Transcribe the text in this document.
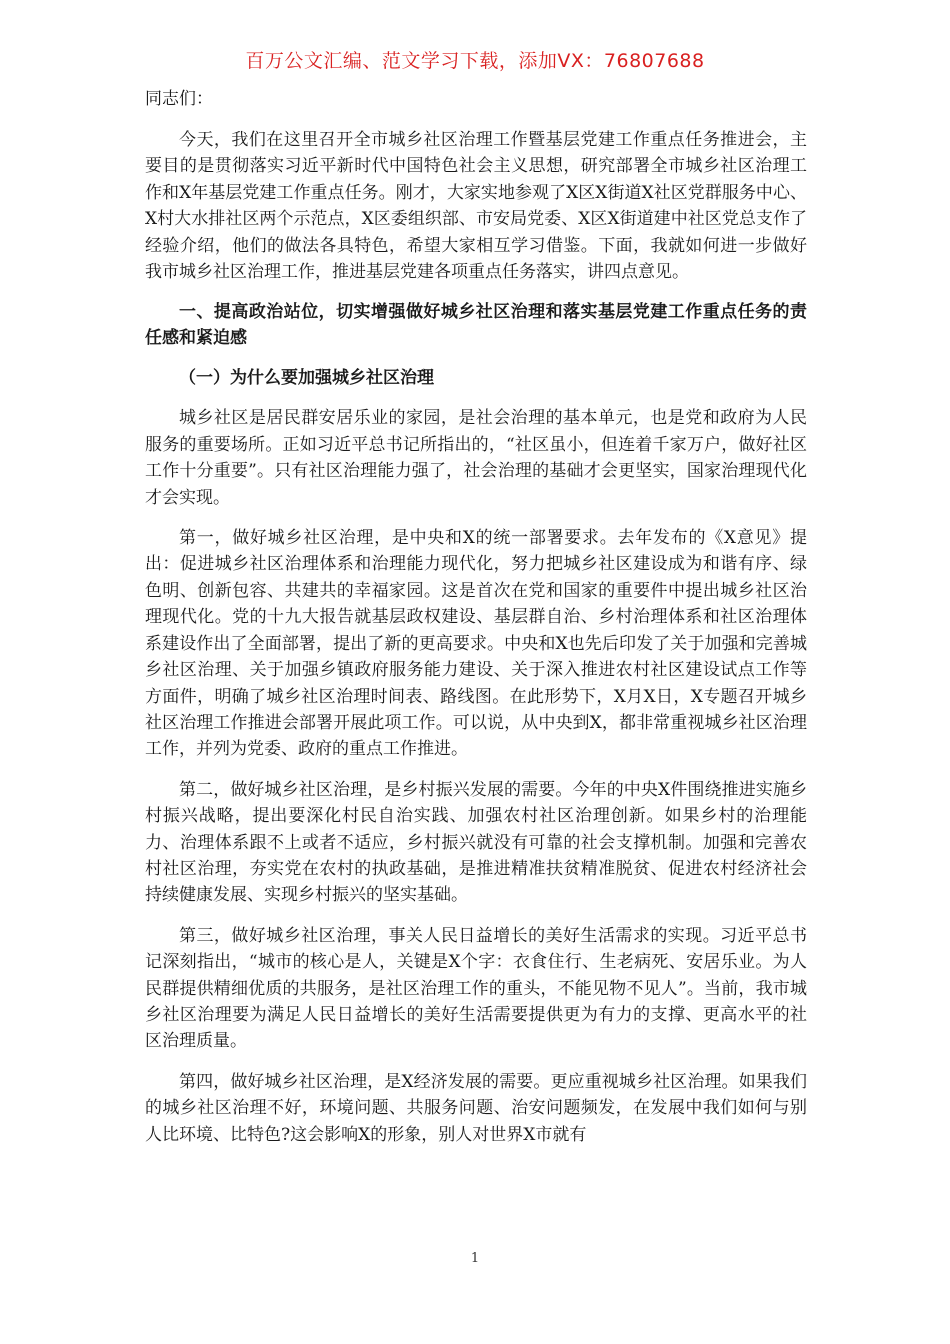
百万公文汇编、范文学习下载，添加VX：76807688

同志们：

今天，我们在这里召开全市城乡社区治理工作暨基层党建工作重点任务推进会，主要目的是贯彻落实习近平新时代中国特色社会主义思想，研究部署全市城乡社区治理工作和X年基层党建工作重点任务。刚才，大家实地参观了X区X街道X社区党群服务中心、X村大水排社区两个示范点，X区委组织部、市安局党委、X区X街道建中社区党总支作了经验介绍，他们的做法各具特色，希望大家相互学习借鉴。下面，我就如何进一步做好我市城乡社区治理工作，推进基层党建各项重点任务落实，讲四点意见。

一、提高政治站位，切实增强做好城乡社区治理和落实基层党建工作重点任务的责任感和紧迫感

（一）为什么要加强城乡社区治理

城乡社区是居民群安居乐业的家园，是社会治理的基本单元，也是党和政府为人民服务的重要场所。正如习近平总书记所指出的，“社区虽小，但连着千家万户，做好社区工作十分重要”。只有社区治理能力强了，社会治理的基础才会更坚实，国家治理现代化才会实现。

第一，做好城乡社区治理，是中央和X的统一部署要求。去年发布的《X意见》提出：促进城乡社区治理体系和治理能力现代化，努力把城乡社区建设成为和谐有序、绿色明、创新包容、共建共的幸福家园。这是首次在党和国家的重要件中提出城乡社区治理现代化。党的十九大报告就基层政权建设、基层群自治、乡村治理体系和社区治理体系建设作出了全面部署，提出了新的更高要求。中央和X也先后印发了关于加强和完善城乡社区治理、关于加强乡镇政府服务能力建设、关于深入推进农村社区建设试点工作等方面件，明确了城乡社区治理时间表、路线图。在此形势下，X月X日，X专题召开城乡社区治理工作推进会部署开展此项工作。可以说，从中央到X，都非常重视城乡社区治理工作，并列为党委、政府的重点工作推进。

第二，做好城乡社区治理，是乡村振兴发展的需要。今年的中央X件围绕推进实施乡村振兴战略，提出要深化村民自治实践、加强农村社区治理创新。如果乡村的治理能力、治理体系跟不上或者不适应，乡村振兴就没有可靠的社会支撑机制。加强和完善农村社区治理，夯实党在农村的执政基础，是推进精准扶贫精准脱贫、促进农村经济社会持续健康发展、实现乡村振兴的坚实基础。

第三，做好城乡社区治理，事关人民日益增长的美好生活需求的实现。习近平总书记深刻指出，“城市的核心是人，关键是X个字：衣食住行、生老病死、安居乐业。为人民群提供精细优质的共服务，是社区治理工作的重头，不能见物不见人”。当前，我市城乡社区治理要为满足人民日益增长的美好生活需要提供更为有力的支撑、更高水平的社区治理质量。

第四，做好城乡社区治理，是X经济发展的需要。更应重视城乡社区治理。如果我们的城乡社区治理不好，环境问题、共服务问题、治安问题频发，在发展中我们如何与别人比环境、比特色?这会影响X的形象，别人对世界X市就有

1
